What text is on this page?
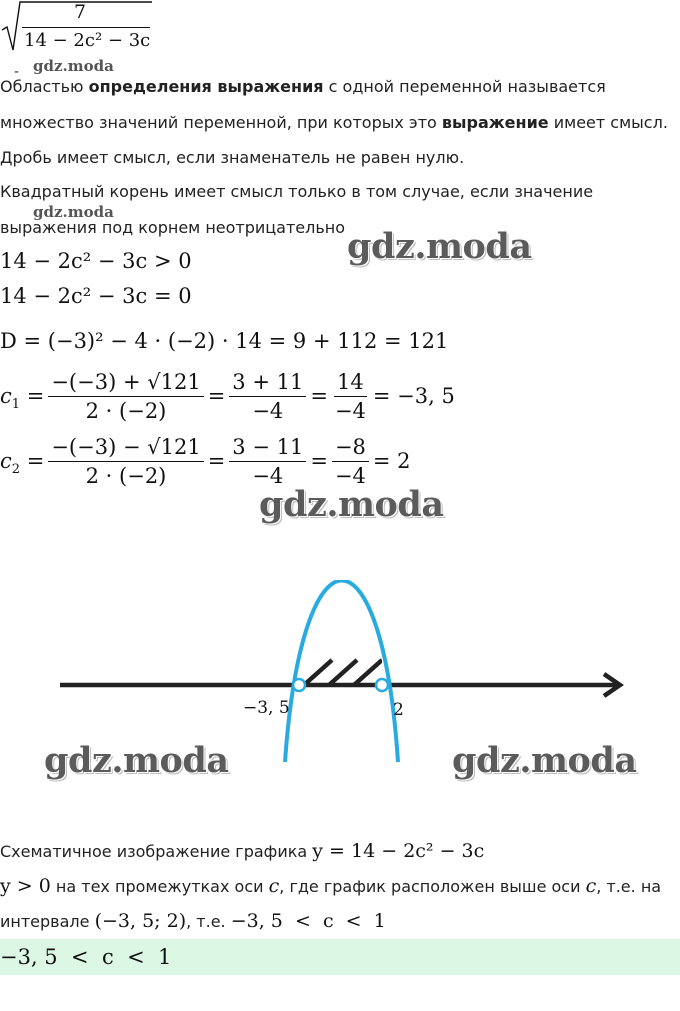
7
14 − 2c² − 3c
gdz.moda
-
Областью определения выражения с одной переменной называется
множество значений переменной, при которых это выражение имеет смысл.
Дробь имеет смысл, если знаменатель не равен нулю.
Квадратный корень имеет смысл только в том случае, если значение
gdz.moda
выражения под корнем неотрицательно gdz.moda
14 − 2c² − 3c > 0
14 − 2c² − 3c = 0
D = (−3)² − 4 · (−2) · 14 = 9 + 112 = 121
$c_1 = \frac{-(-3) + √121}{2 \cdot (-2)} = \frac{3 + 11}{-4} = \frac{14}{-4} = -3$, 5
$c_2 = \frac{-(-3) - √121}{2 \cdot (-2)} = \frac{3 - 11}{-4} = \frac{-8}{-4} = 2$
gdz.moda
−3, 5	2
gdz.moda	gdz.moda
Схематичное изображение графика y = 14 − 2c² − 3c
y > 0 на тех промежутках оси c, где график расположен выше оси c, т.е. на
интервале (−3, 5; 2), т.е. −3, 5  <  c  <  1
−3, 5  <  c  <  1
